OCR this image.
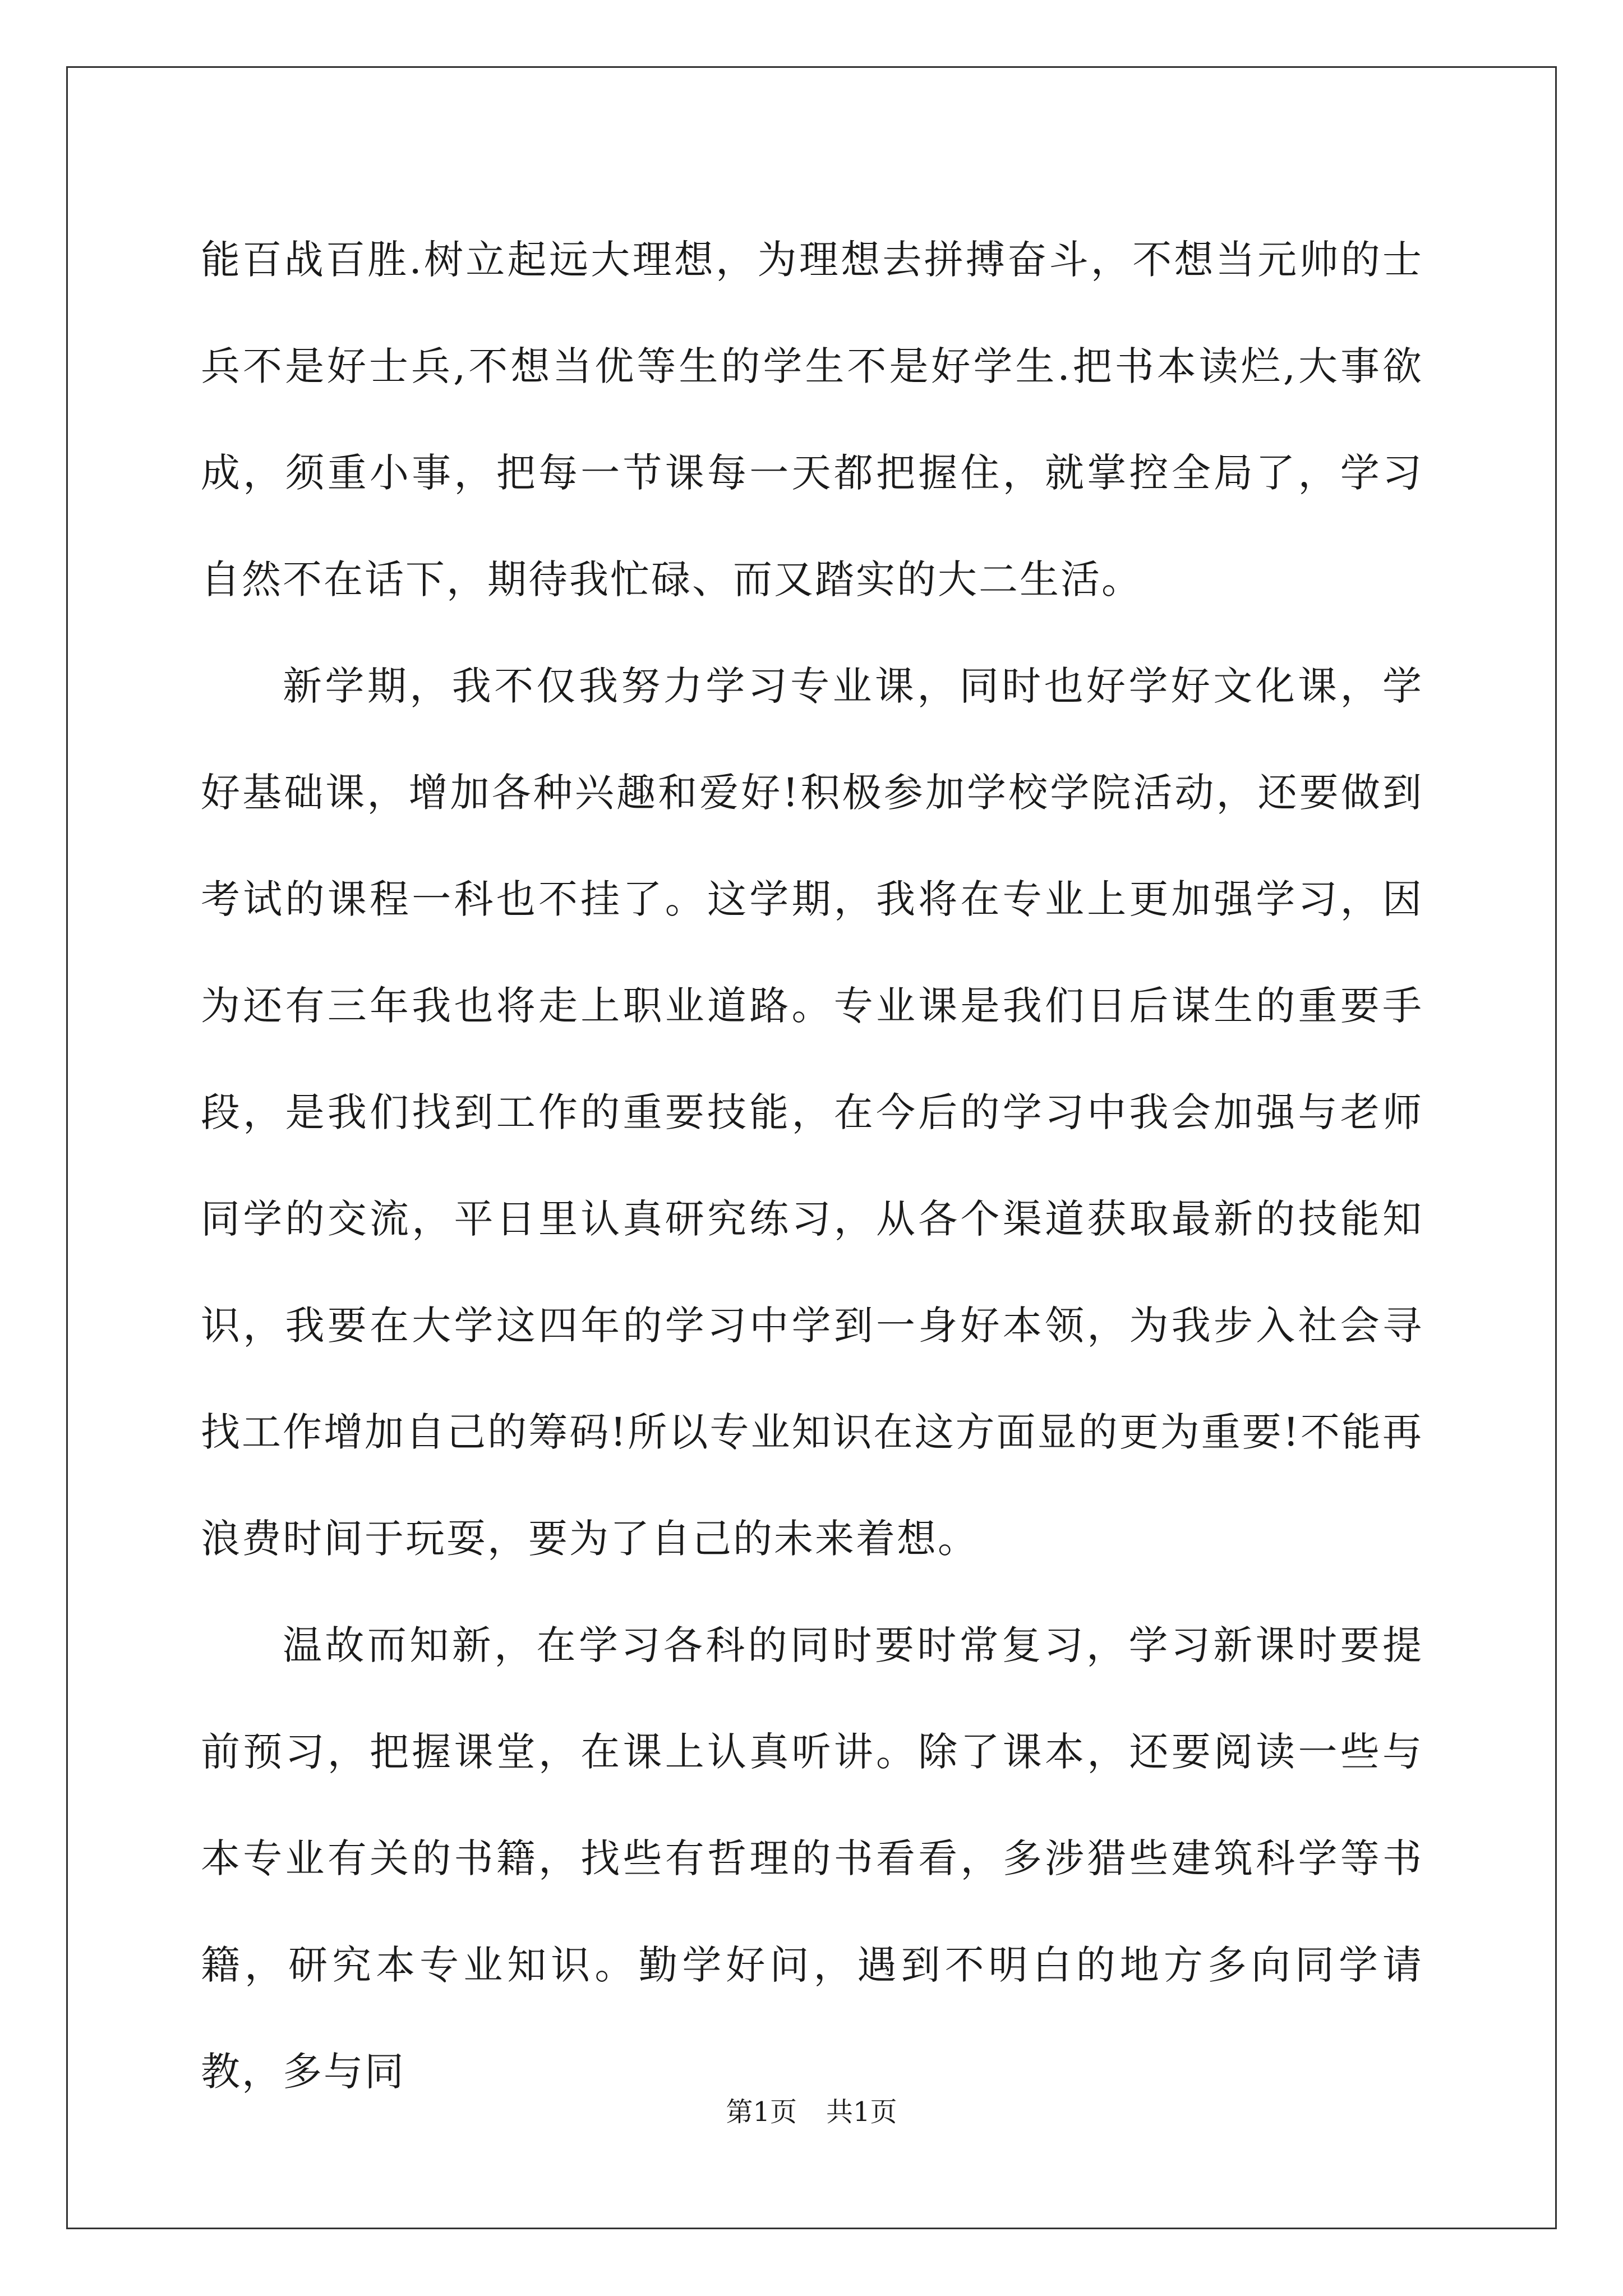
能百战百胜.树立起远大理想，为理想去拼搏奋斗，不想当元帅的士兵不是好士兵,不想当优等生的学生不是好学生.把书本读烂,大事欲成，须重小事，把每一节课每一天都把握住，就掌控全局了，学习自然不在话下，期待我忙碌、而又踏实的大二生活。

新学期，我不仅我努力学习专业课，同时也好学好文化课，学好基础课，增加各种兴趣和爱好!积极参加学校学院活动，还要做到考试的课程一科也不挂了。这学期，我将在专业上更加强学习，因为还有三年我也将走上职业道路。专业课是我们日后谋生的重要手段，是我们找到工作的重要技能，在今后的学习中我会加强与老师同学的交流，平日里认真研究练习，从各个渠道获取最新的技能知识，我要在大学这四年的学习中学到一身好本领，为我步入社会寻找工作增加自己的筹码!所以专业知识在这方面显的更为重要!不能再浪费时间于玩耍，要为了自己的未来着想。

温故而知新，在学习各科的同时要时常复习，学习新课时要提前预习，把握课堂，在课上认真听讲。除了课本，还要阅读一些与本专业有关的书籍，找些有哲理的书看看，多涉猎些建筑科学等书籍，研究本专业知识。勤学好问，遇到不明白的地方多向同学请教，多与同

第1页 共1页
